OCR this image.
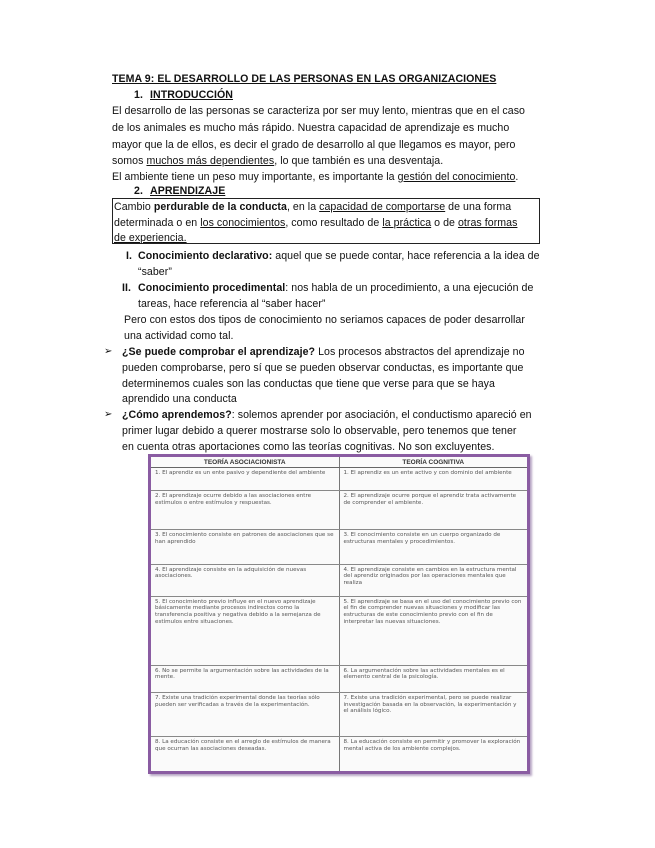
TEMA 9: EL DESARROLLO DE LAS PERSONAS EN LAS ORGANIZACIONES
1. INTRODUCCIÓN
El desarrollo de las personas se caracteriza por ser muy lento, mientras que en el caso
de los animales es mucho más rápido. Nuestra capacidad de aprendizaje es mucho
mayor que la de ellos, es decir el grado de desarrollo al que llegamos es mayor, pero
somos muchos más dependientes, lo que también es una desventaja.
El ambiente tiene un peso muy importante, es importante la gestión del conocimiento.
2. APRENDIZAJE
Cambio perdurable de la conducta, en la capacidad de comportarse de una forma
determinada o en los conocimientos, como resultado de la práctica o de otras formas
de experiencia.
I. Conocimiento declarativo: aquel que se puede contar, hace referencia a la idea de
“saber”
II. Conocimiento procedimental: nos habla de un procedimiento, a una ejecución de
tareas, hace referencia al “saber hacer”
Pero con estos dos tipos de conocimiento no seriamos capaces de poder desarrollar
una actividad como tal.
➢ ¿Se puede comprobar el aprendizaje? Los procesos abstractos del aprendizaje no
pueden comprobarse, pero sí que se pueden observar conductas, es importante que
determinemos cuales son las conductas que tiene que verse para que se haya
aprendido una conducta
➢ ¿Cómo aprendemos?: solemos aprender por asociación, el conductismo apareció en
primer lugar debido a querer mostrarse solo lo observable, pero tenemos que tener
en cuenta otras aportaciones como las teorías cognitivas. No son excluyentes.
TEORÍA ASOCIACIONISTA	TEORÍA COGNITIVA
1. El aprendiz es un ente pasivo y dependiente del ambiente	1. El aprendiz es un ente activo y con dominio del ambiente
2. El aprendizaje ocurre debido a las asociaciones entre estímulos o entre estímulos y respuestas.	2. El aprendizaje ocurre porque el aprendiz trata activamente de comprender el ambiente.
3. El conocimiento consiste en patrones de asociaciones que se han aprendido	3. El conocimiento consiste en un cuerpo organizado de estructuras mentales y procedimientos.
4. El aprendizaje consiste en la adquisición de nuevas asociaciones.	4. El aprendizaje consiste en cambios en la estructura mental del aprendiz originados por las operaciones mentales que realiza
5. El conocimiento previo influye en el nuevo aprendizaje básicamente mediante procesos indirectos como la transferencia positiva y negativa debido a la semejanza de estímulos entre situaciones.	5. El aprendizaje se basa en el uso del conocimiento previo con el fin de comprender nuevas situaciones y modificar las estructuras de este conocimiento previo con el fin de interpretar las nuevas situaciones.
6. No se permite la argumentación sobre las actividades de la mente.	6. La argumentación sobre las actividades mentales es el elemento central de la psicología.
7. Existe una tradición experimental donde las teorías sólo pueden ser verificadas a través de la experimentación.	7. Existe una tradición experimental, pero se puede realizar investigación basada en la observación, la experimentación y el análisis lógico.
8. La educación consiste en el arreglo de estímulos de manera que ocurran las asociaciones deseadas.	8. La educación consiste en permitir y promover la exploración mental activa de los ambiente complejos.
